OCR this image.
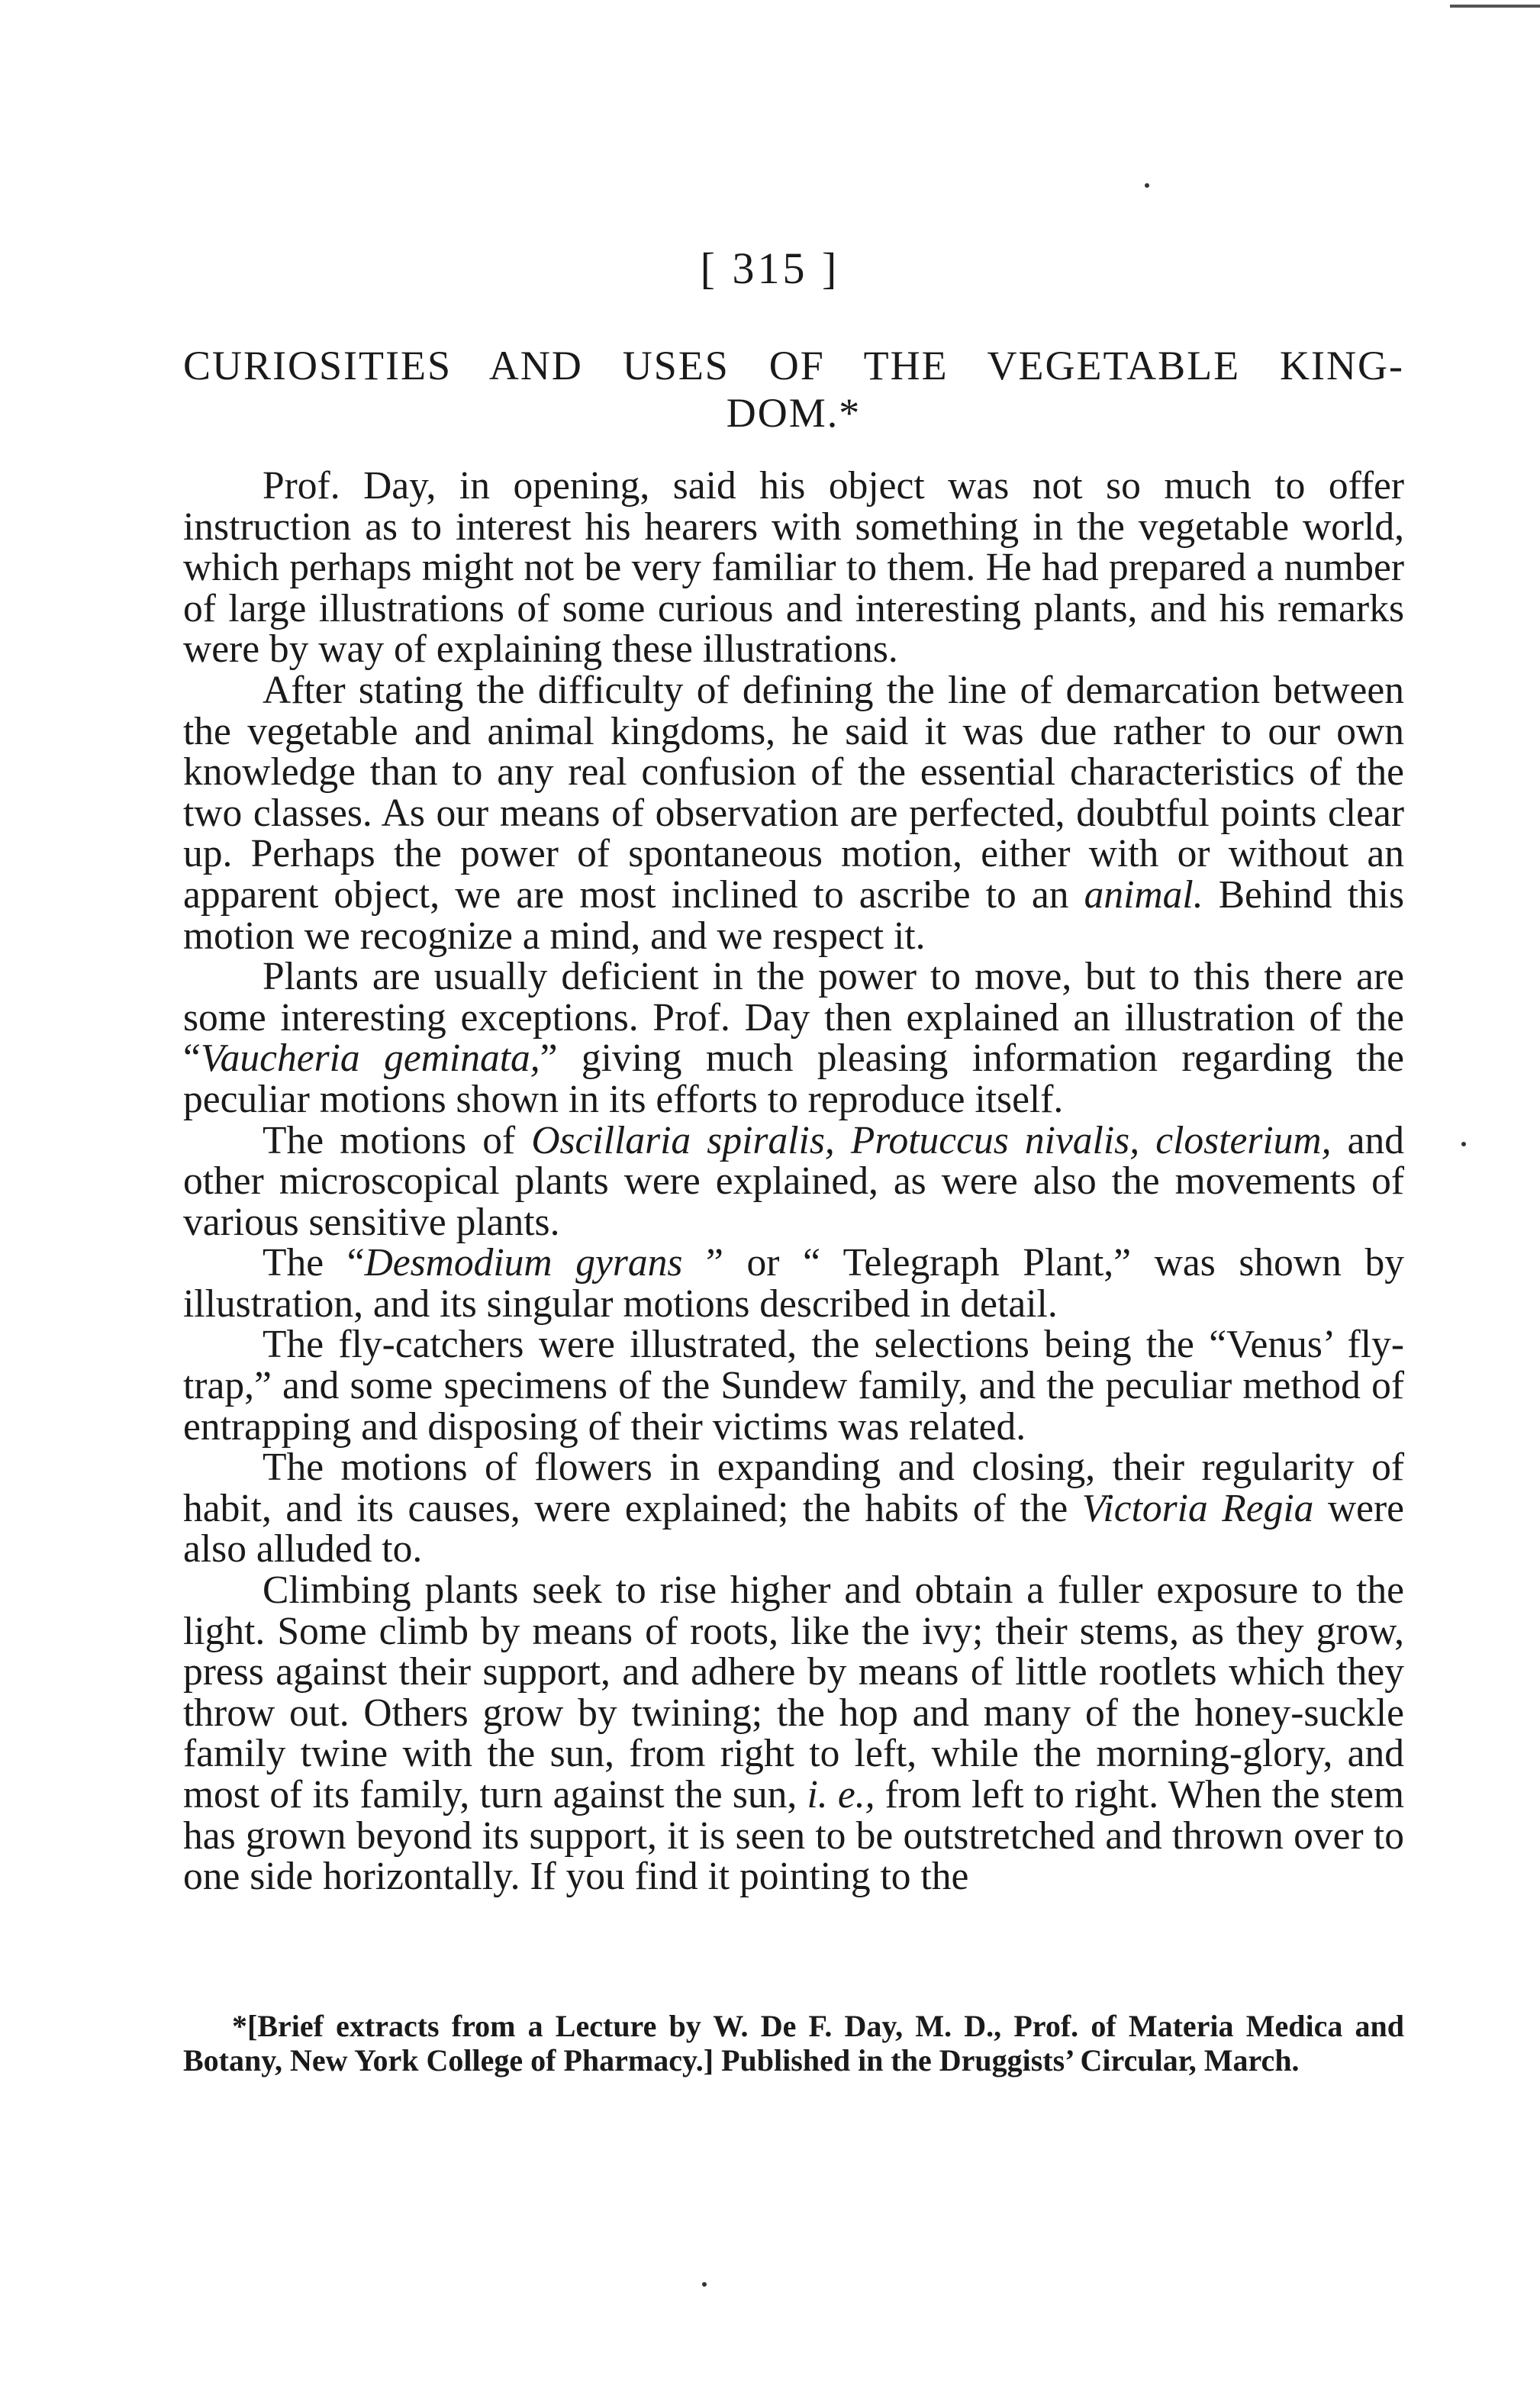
[ 315 ]
CURIOSITIES AND USES OF THE VEGETABLE KING-
DOM.*

Prof. Day, in opening, said his object was not so much to offer instruction as to interest his hearers with something in the vegetable world, which perhaps might not be very familiar to them. He had prepared a number of large illustrations of some curious and interesting plants, and his remarks were by way of explaining these illustrations.

After stating the difficulty of defining the line of demarcation between the vegetable and animal kingdoms, he said it was due rather to our own knowledge than to any real confusion of the essential characteristics of the two classes. As our means of observation are perfected, doubtful points clear up. Perhaps the power of spontaneous motion, either with or without an apparent object, we are most inclined to ascribe to an animal. Behind this motion we recognize a mind, and we respect it.

Plants are usually deficient in the power to move, but to this there are some interesting exceptions. Prof. Day then explained an illustration of the “Vaucheria geminata,” giving much pleasing information regarding the peculiar motions shown in its efforts to reproduce itself.

The motions of Oscillaria spiralis, Protuccus nivalis, closterium, and other microscopical plants were explained, as were also the movements of various sensitive plants.

The “Desmodium gyrans ” or “ Telegraph Plant,” was shown by illustration, and its singular motions described in detail.

The fly-catchers were illustrated, the selections being the “Venus’ fly-trap,” and some specimens of the Sundew family, and the peculiar method of entrapping and disposing of their victims was related.

The motions of flowers in expanding and closing, their regularity of habit, and its causes, were explained; the habits of the Victoria Regia were also alluded to.

Climbing plants seek to rise higher and obtain a fuller exposure to the light. Some climb by means of roots, like the ivy; their stems, as they grow, press against their support, and adhere by means of little rootlets which they throw out. Others grow by twining; the hop and many of the honey-suckle family twine with the sun, from right to left, while the morning-glory, and most of its family, turn against the sun, i. e., from left to right. When the stem has grown beyond its support, it is seen to be outstretched and thrown over to one side horizontally. If you find it pointing to the

*[Brief extracts from a Lecture by W. De F. Day, M. D., Prof. of Materia Medica and Botany, New York College of Pharmacy.] Published in the Druggists’ Circular, March.
